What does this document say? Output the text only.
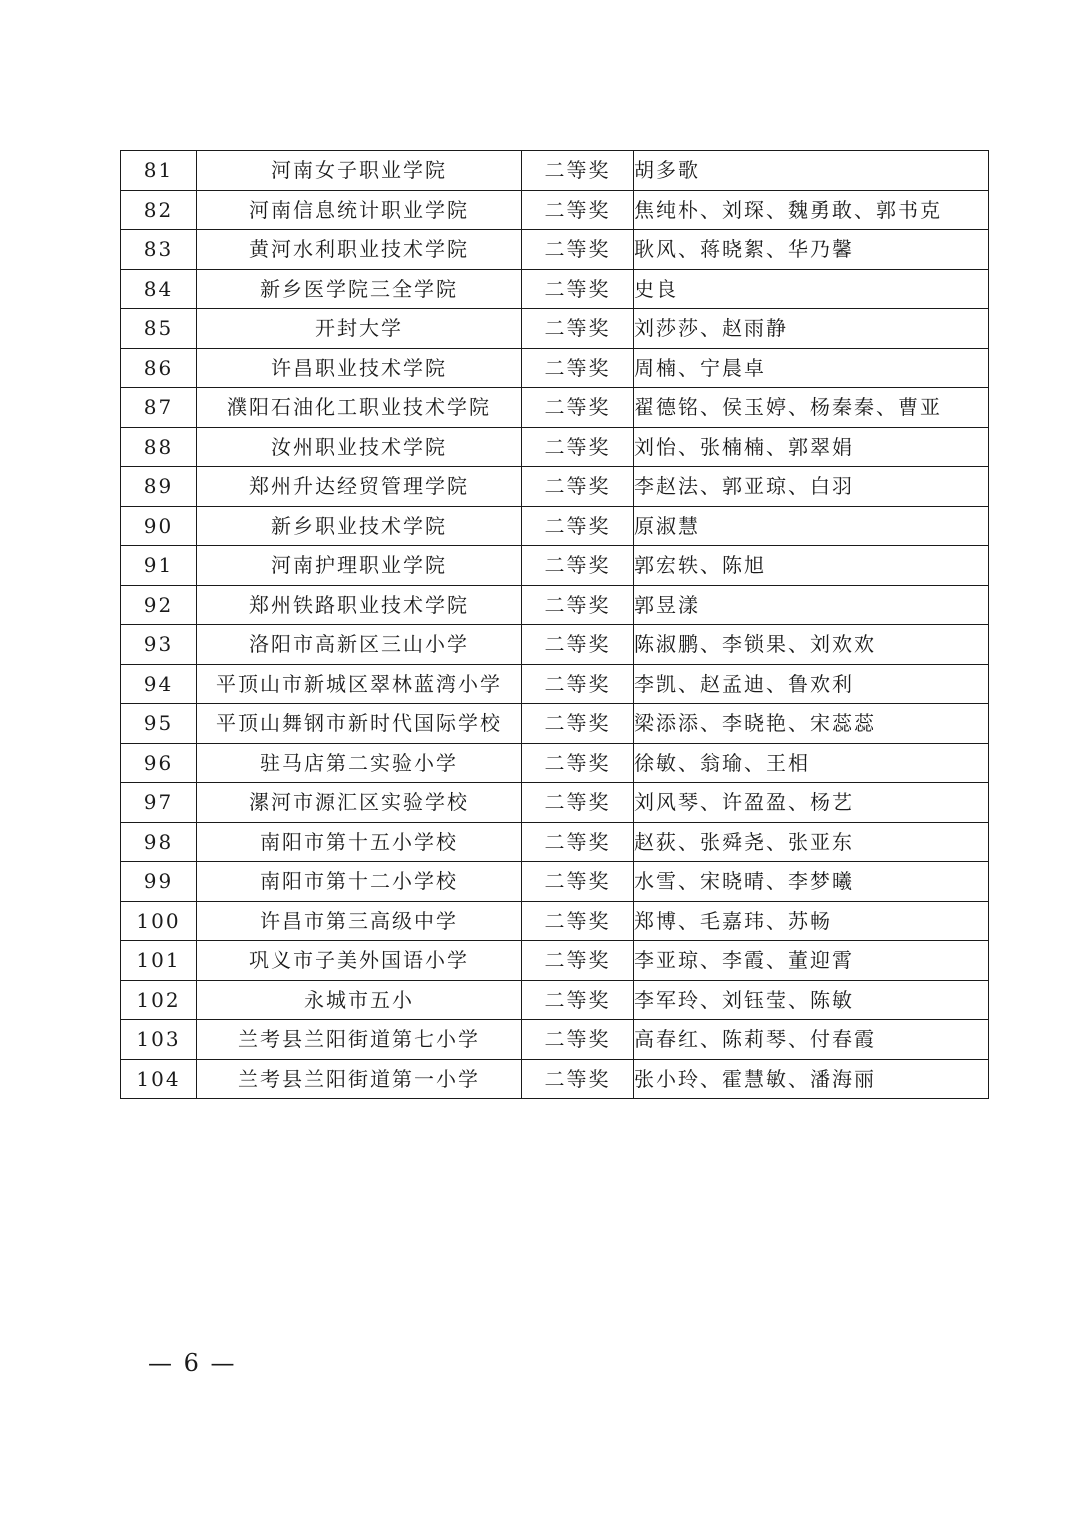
81	河南女子职业学院	二等奖	胡多歌
82	河南信息统计职业学院	二等奖	焦纯朴、刘琛、魏勇敢、郭书克
83	黄河水利职业技术学院	二等奖	耿风、蒋晓絮、华乃馨
84	新乡医学院三全学院	二等奖	史良
85	开封大学	二等奖	刘莎莎、赵雨静
86	许昌职业技术学院	二等奖	周楠、宁晨卓
87	濮阳石油化工职业技术学院	二等奖	翟德铭、侯玉婷、杨秦秦、曹亚
88	汝州职业技术学院	二等奖	刘怡、张楠楠、郭翠娟
89	郑州升达经贸管理学院	二等奖	李赵法、郭亚琼、白羽
90	新乡职业技术学院	二等奖	原淑慧
91	河南护理职业学院	二等奖	郭宏轶、陈旭
92	郑州铁路职业技术学院	二等奖	郭昱漾
93	洛阳市高新区三山小学	二等奖	陈淑鹏、李锁果、刘欢欢
94	平顶山市新城区翠林蓝湾小学	二等奖	李凯、赵孟迪、鲁欢利
95	平顶山舞钢市新时代国际学校	二等奖	梁添添、李晓艳、宋蕊蕊
96	驻马店第二实验小学	二等奖	徐敏、翁瑜、王相
97	漯河市源汇区实验学校	二等奖	刘风琴、许盈盈、杨艺
98	南阳市第十五小学校	二等奖	赵荻、张舜尧、张亚东
99	南阳市第十二小学校	二等奖	水雪、宋晓晴、李梦曦
100	许昌市第三高级中学	二等奖	郑博、毛嘉玮、苏畅
101	巩义市子美外国语小学	二等奖	李亚琼、李霞、董迎霄
102	永城市五小	二等奖	李军玲、刘钰莹、陈敏
103	兰考县兰阳街道第七小学	二等奖	高春红、陈莉琴、付春霞
104	兰考县兰阳街道第一小学	二等奖	张小玲、霍慧敏、潘海丽
— 6 —
